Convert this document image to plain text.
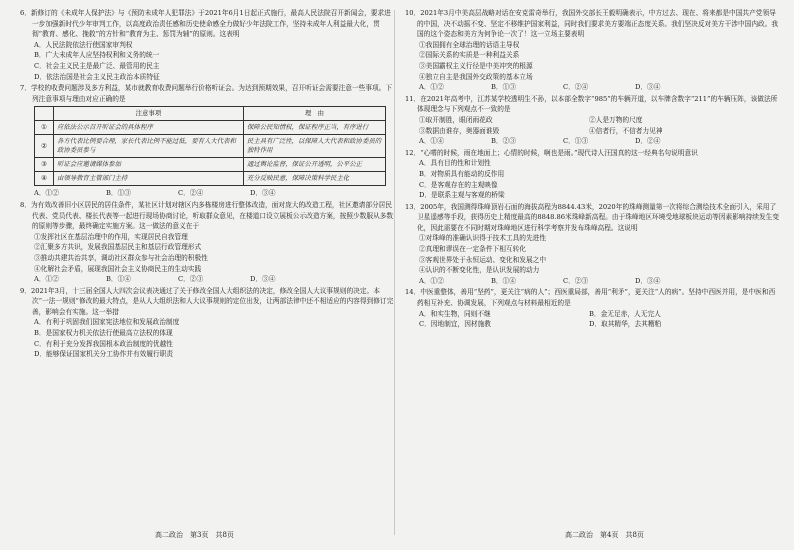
6．新修订的《未成年人保护法》与《预防未成年人犯罪法》于2021年6月1日起正式施行，最高人民法院召开新闻会，要求进一步加强新时代少年审判工作，以高度政治责任感和历史使命感全力做好少年法院工作，坚持未成年人利益最大化，贯彻“教育、感化、挽救”的方针和“教育为主、惩罚为辅”的原则。这表明
A．人民法院依法行使国家审判权
B．广大未成年人应坚持权利和义务的统一
C．社会主义民主是最广泛、最管用的民主
D．依法治国是社会主义民主政治本质特征
7．学校的收费问题涉及多方利益，某市就教育收费问题举行价格听证会。为达到预期效果，召开听证会需要注意一些事项。下列注意事项与理由对应正确的是
	注意事项	理　由
①	应依法公示召开听证会的具体程序	保障公民知情权，保证程序正当，有序进行
②	各方代表比例要合理，家长代表比例不能过低，要有人大代表和政协委员参与	民主具有广泛性，以保障人大代表和政协委员的独特作用
③	听证会应邀请媒体参加	通过舆论监督，保证公开透明，公平公正
④	由领导教育主管部门主持	充分反映民意，保障决策科学民主化
A．①②	B．①③	C．②④	D．③④
8．为有效改善旧小区居民的居住条件，某社区计划对辖区内多栋楼房进行整体改造，面对庞大的改造工程，社区邀请部分居民代表、党员代表、楼长代表等一起进行现场协商讨论，听取群众意见，在楼道口设立展板公示改造方案，按照少数服从多数的原则等步骤，最终确定实施方案。这一做法的意义在于
①发挥社区在基层治理中的作用，实现居民自我管理
②汇聚多方共识，发展我国基层民主和基层行政管理形式
③推动共建共治共享，调动社区群众参与社会治理的积极性
④化解社会矛盾，展现我国社会主义协商民主的生动实践
A．①②	B．①④	C．②③	D．③④
9．2021年3月，十三届全国人大四次会议表决通过了关于修改全国人大组织法的决定，修改全国人大议事规则的决定。本次“一法一规则”修改的最大特点，是从人大组织法和人大议事规则的定位出发，让两部法律中还不相适应的内容得到修订完善，影响会有实施。这一举措
A．有利于巩固我们国家宪法地位和发展政治制度
B．是国家权力机关依法行使最高立法权的体现
C．有利于充分发挥我国根本政治制度的优越性
D．能够保证国家机关分工协作并有效履行职责
10．2021年3月中美高层战略对话在安克雷奇举行，我国外交部长王毅明确表示，中方过去、现在、将来都是中国共产党领导的中国，决不动摇不变、坚定不移维护国家利益，同时我们要求美方要端正态度关系。我们坚决反对美方干涉中国内政。我国的这个姿态和美方为何争论一次了！这一立场主要表明
①我国拥有全球治理的话语主导权
②国际关系的实质是一种利益关系
③美国霸权主义行径是中美冲突的根源
④独立自主是我国外交政策的基本立场
A．①②	B．①③	C．②④	D．③④
11．在2021年高考中，江苏某学校透明生不孙，以本部全数字“985”的车辆开道，以车牌含数字“211”的车辆压阵，该做法所体现理念与下列观点不一致的是
①取开制胜，眼闭雨花政	②人是万物的尺度
③数据由谁存，奥器面谁毁	④信者行，不信者力见神
A．①④	B．②③	C．①③	D．②④
12．“心嗜的时候，雨在地面上；心情的时候，啊也是雨。”现代诗人汪国真的这一经典名句说明意识
A．具有目的性和计划性
B．对物质具有能动的反作用
C．是客观存在的主观映像
D．是联系主观与客观的桥梁
13．2005年，我国测得珠峰顶岩石面的海拔高程为8844.43米，2020年的珠峰测量第一次将综合测绘技术全面引入，采用了卫星遥感等手段，获得历史上精度最高的8848.86米珠峰新高程。由于珠峰地区环境受地球板块运动等因素影响持续发生变化，因此需要在不同时期对珠峰地区进行科学考察并发布珠峰高程。这说明
①对珠峰的准确认识得于技术工具的先进性
②真理和谬误在一定条件下相互转化
③客观世界处于永恒运动、变化和发展之中
④认识的不断变化性，是认识发展的动力
A．①②	B．①④	C．②③	D．③④
14．中医重整体，善用“坚药”，更关注“病的人”；西医重局部，善用“利矛”，更关注“人的病”。坚持中西医并用，是中医和西药相互补充、协调发展，下列观点与材料最相近的是
A．和实生物，同则不继	B．金无足赤，人无完人
C．因地制宜，因材施教	D．取其精华，去其糟粕
高二政治　第3页　共8页	高二政治　第4页　共8页
